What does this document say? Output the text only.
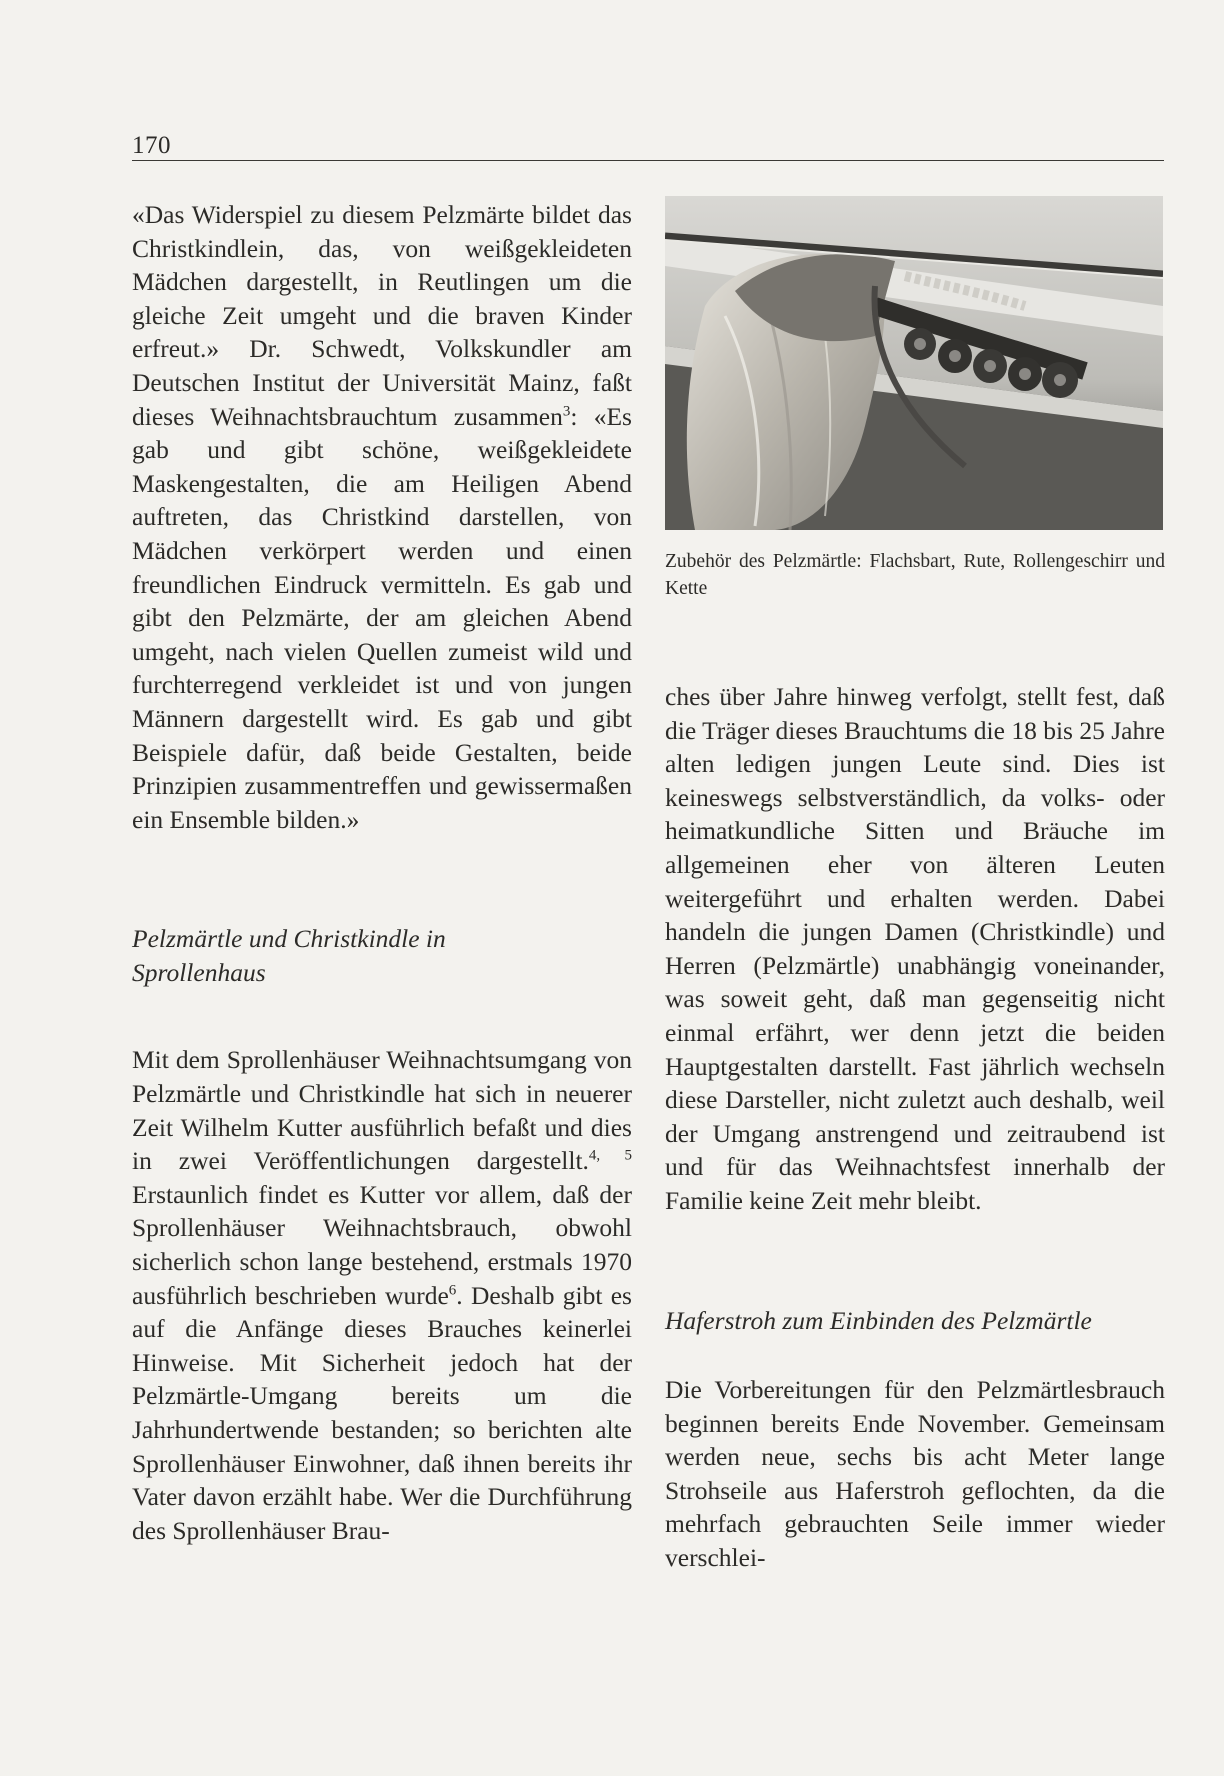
170

«Das Widerspiel zu diesem Pelzmärte bildet das Christkindlein, das, von weißgekleideten Mädchen dargestellt, in Reutlingen um die gleiche Zeit umgeht und die braven Kinder erfreut.» Dr. Schwedt, Volkskundler am Deutschen Institut der Universität Mainz, faßt dieses Weihnachtsbrauchtum zusammen$^3$: «Es gab und gibt schöne, weißgekleidete Maskengestalten, die am Heiligen Abend auftreten, das Christkind darstellen, von Mädchen verkörpert werden und einen freundlichen Eindruck vermitteln. Es gab und gibt den Pelzmärte, der am gleichen Abend umgeht, nach vielen Quellen zumeist wild und furchterregend verkleidet ist und von jungen Männern dargestellt wird. Es gab und gibt Beispiele dafür, daß beide Gestalten, beide Prinzipien zusammentreffen und gewissermaßen ein Ensemble bilden.»

Pelzmärtle und Christkindle in
Sprollenhaus

Mit dem Sprollenhäuser Weihnachtsumgang von Pelzmärtle und Christkindle hat sich in neuerer Zeit Wilhelm Kutter ausführlich befaßt und dies in zwei Veröffentlichungen dargestellt.$^{4, 5}$ Erstaunlich findet es Kutter vor allem, daß der Sprollenhäuser Weihnachtsbrauch, obwohl sicherlich schon lange bestehend, erstmals 1970 ausführlich beschrieben wurde$^6$. Deshalb gibt es auf die Anfänge dieses Brauches keinerlei Hinweise. Mit Sicherheit jedoch hat der Pelzmärtle-Umgang bereits um die Jahrhundertwende bestanden; so berichten alte Sprollenhäuser Einwohner, daß ihnen bereits ihr Vater davon erzählt habe. Wer die Durchführung des Sprollenhäuser Brau-

Zubehör des Pelzmärtle: Flachsbart, Rute, Rollengeschirr und Kette

ches über Jahre hinweg verfolgt, stellt fest, daß die Träger dieses Brauchtums die 18 bis 25 Jahre alten ledigen jungen Leute sind. Dies ist keineswegs selbstverständlich, da volks- oder heimatkundliche Sitten und Bräuche im allgemeinen eher von älteren Leuten weitergeführt und erhalten werden. Dabei handeln die jungen Damen (Christkindle) und Herren (Pelzmärtle) unabhängig voneinander, was soweit geht, daß man gegenseitig nicht einmal erfährt, wer denn jetzt die beiden Hauptgestalten darstellt. Fast jährlich wechseln diese Darsteller, nicht zuletzt auch deshalb, weil der Umgang anstrengend und zeitraubend ist und für das Weihnachtsfest innerhalb der Familie keine Zeit mehr bleibt.

Haferstroh zum Einbinden des Pelzmärtle

Die Vorbereitungen für den Pelzmärtlesbrauch beginnen bereits Ende November. Gemeinsam werden neue, sechs bis acht Meter lange Strohseile aus Haferstroh geflochten, da die mehrfach gebrauchten Seile immer wieder verschlei-
